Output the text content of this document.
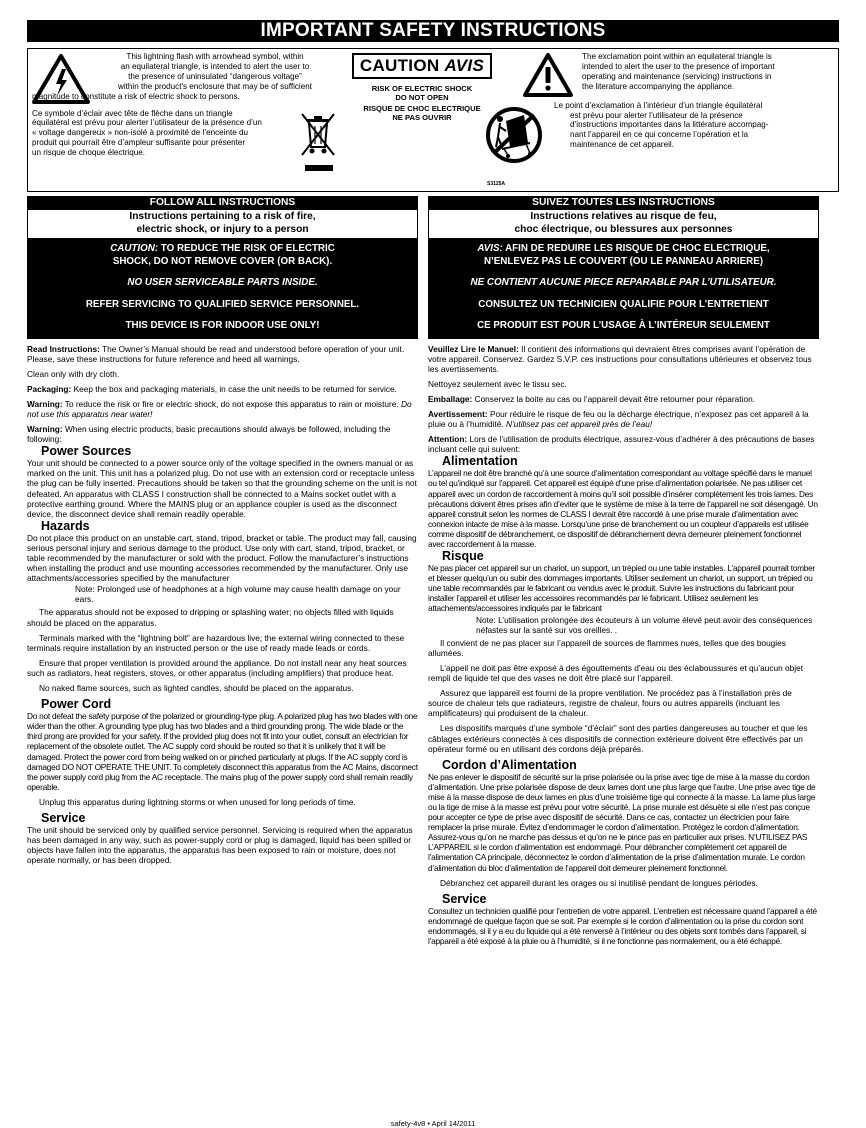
IMPORTANT SAFETY INSTRUCTIONS
This lightning flash with arrowhead symbol, within
an equilateral triangle, is intended to alert the user to
the presence of uninsulated “dangerous voltage”
within the product's enclosure that may be of sufficient
magnitude to constitute a risk of electric shock to persons.
Ce symbole d’éclair avec tête de flèche dans un triangle
équilatéral est prévu pour alerter l’utilisateur de la présence d’un
« voltage dangereux » non-isolé à proximité de l’enceinte du
produit qui pourrait être d’ampleur suffisante pour présenter
un risque de choque électrique.
CAUTION AVIS
RISK OF ELECTRIC SHOCK
DO NOT OPEN
RISQUE DE CHOC ELECTRIQUE
NE PAS OUVRIR
S3125A
The exclamation point within an equilateral triangle is
intended to alert the user to the presence of important
operating and maintenance (servicing) instructions in
the literature accompanying the appliance.
Le point d’exclamation à l’intérieur d’un triangle équilatéral
est prévu pour alerter l’utilisateur de la présence
d’instructions importantes dans la littérature accompag-
nant l’appareil en ce qui concerne l’opération et la
maintenance de cet appareil.
FOLLOW ALL INSTRUCTIONS
Instructions pertaining to a risk of fire,
electric shock, or injury to a person
CAUTION: TO REDUCE THE RISK OF ELECTRIC
SHOCK, DO NOT REMOVE COVER (OR BACK).
NO USER SERVICEABLE PARTS INSIDE.
REFER SERVICING TO QUALIFIED SERVICE PERSONNEL.
THIS DEVICE IS FOR INDOOR USE ONLY!

Read Instructions: The Owner’s Manual should be read and understood before operation of your unit. Please, save these instructions for future reference and heed all warnings.

Clean only with dry cloth.

Packaging: Keep the box and packaging materials, in case the unit needs to be returned for service.

Warning: To reduce the risk or fire or electric shock, do not expose this apparatus to rain or moisture. Do not use this apparatus near water!

Warning: When using electric products, basic precautions should always be followed, including the following:

Power Sources

Your unit should be connected to a power source only of the voltage specified in the owners manual or as marked on the unit. This unit has a polarized plug. Do not use with an extension cord or receptacle unless the plug can be fully inserted. Precautions should be taken so that the grounding scheme on the unit is not defeated. An apparatus with CLASS I construction shall be connected to a Mains socket outlet with a protective earthing ground. Where the MAINS plug or an appliance coupler is used as the disconnect device, the disconnect device shall remain readily operable.

Hazards

Do not place this product on an unstable cart, stand, tripod, bracket or table. The product may fall, causing serious personal injury and serious damage to the product. Use only with cart, stand, tripod, bracket, or table recommended by the manufacturer or sold with the product. Follow the manufacturer’s instructions when installing the product and use mounting accessories recommended by the manufacturer. Only use attachments/accessories specified by the manufacturer

Note: Prolonged use of headphones at a high volume may cause health damage on your ears.

The apparatus should not be exposed to dripping or splashing water; no objects filled with liquids should be placed on the apparatus.

Terminals marked with the “lightning bolt” are hazardous live; the external wiring connected to these terminals require installation by an instructed person or the use of ready made leads or cords.

Ensure that proper ventilation is provided around the appliance. Do not install near any heat sources such as radiators, heat registers, stoves, or other apparatus (including amplifiers) that produce heat.

No naked flame sources, such as lighted candles, should be placed on the apparatus.

Power Cord

Do not defeat the safety purpose of the polarized or grounding-type plug. A polarized plug has two blades with one wider than the other. A grounding type plug has two blades and a third grounding prong. The wide blade or the third prong are provided for your safety. If the provided plug does not fit into your outlet, consult an electrician for replacement of the obsolete outlet. The AC supply cord should be routed so that it is unlikely that it will be damaged. Protect the power cord from being walked on or pinched particularly at plugs. If the AC supply cord is damaged DO NOT OPERATE THE UNIT. To completely disconnect this apparatus from the AC Mains, disconnect the power supply cord plug from the AC receptacle. The mains plug of the power supply cord shall remain readily operable.

Unplug this apparatus during lightning storms or when unused for long periods of time.

Service

The unit should be serviced only by qualified service personnel. Servicing is required when the apparatus has been damaged in any way, such as power-supply cord or plug is damaged, liquid has been spilled or objects have fallen into the apparatus, the apparatus has been exposed to rain or moisture, does not operate normally, or has been dropped.

SUIVEZ TOUTES LES INSTRUCTIONS
Instructions relatives au risque de feu,
choc électrique, ou blessures aux personnes
AVIS: AFIN DE REDUIRE LES RISQUE DE CHOC ELECTRIQUE,
N’ENLEVEZ PAS LE COUVERT (OU LE PANNEAU ARRIERE)
NE CONTIENT AUCUNE PIECE REPARABLE PAR L’UTILISATEUR.
CONSULTEZ UN TECHNICIEN QUALIFIE POUR L’ENTRETIENT
CE PRODUIT EST POUR L’USAGE À L’INTÉREUR SEULEMENT

Veuillez Lire le Manuel: Il contient des informations qui devraient êtres comprises avant l’opération de votre appareil. Conservez. Gardez S.V.P. ces instructions pour consultations ultérieures et observez tous les avertissements.

Nettoyez seulement avec le tissu sec.

Emballage: Conservez la boite au cas ou l’appareil devait être retourner pour réparation.

Avertissement: Pour réduire le risque de feu ou la décharge électrique, n’exposez pas cet appareil à la pluie ou à l’humidité. N’utilisez pas cet appareil près de l’eau!

Attention: Lors de l’utilisation de produits électrique, assurez-vous d’adhérer à des précautions de bases incluant celle qui suivent:

Alimentation

L’appareil ne doit être branché qu’à une source d’alimentation correspondant au voltage spécifié dans le manuel ou tel qu’indiqué sur l’appareil. Cet appareil est équipé d’une prise d’alimentation polarisée. Ne pas utiliser cet appareil avec un cordon de raccordement à moins qu’il soit possible d’insérer complètement les trois lames. Des précautions doivent êtres prises afin d’eviter que le système de mise à la terre de l’appareil ne soit désengagé. Un appareil construit selon les normes de CLASS I devrait être raccordé à une prise murale d’alimentation avec connexion intacte de mise à la masse. Lorsqu’une prise de branchement ou un coupleur d’appareils est utilisée comme dispositif de débranchement, ce dispositif de débranchement devra demeurer pleinement fonctionnel avec raccordement à la masse.

Risque

Ne pas placer cet appareil sur un chariot, un support, un trépied ou une table instables. L’appareil pourrait tomber et blesser quelqu’un ou subir des dommages importants. Utiliser seulement un chariot, un support, un trépied ou une table recommandés par le fabricant ou vendus avec le produit. Suivre les instructions du fabricant pour installer l’appareil et utiliser les accessoires recommandés par le fabricant. Utilisez seulement les attachements/accessoires indiqués par le fabricant

Note: L’utilisation prolongée des écouteurs à un volume élevé peut avoir des conséquences néfastes sur la santé sur vos oreilles. .

Il convient de ne pas placer sur l’appareil de sources de flammes nues, telles que des bougies allumées.

L’appeil ne doit pas être exposé à des égouttements d’eau ou des éclaboussures et qu’aucun objet rempli de liquide tel que des vases ne doit être placé sur l’appareil.

Assurez que lappareil est fourni de la propre ventilation. Ne procédez pas à l’installation près de source de chaleur tels que radiateurs, registre de chaleur, fours ou autres appareils (incluant les amplificateurs) qui produisent de la chaleur.

Les dispositifs marqués d’une symbole “d’éclair” sont des parties dangereuses au toucher et que les câblages extérieurs connectés à ces dispositifs de connection extérieure doivent être effectivés par un opérateur formé ou en utilisant des cordons déjà préparés.

Cordon d’Alimentation

Ne pas enlever le dispositif de sécurité sur la prise polarisée ou la prise avec tige de mise à la masse du cordon d’alimentation. Une prise polarisée dispose de deux lames dont une plus large que l’autre. Une prise avec tige de mise à la masse dispose de deux lames en plus d’une troisième tige qui connecte à la masse. La lame plus large ou la tige de mise à la masse est prévu pour votre sécurité. La prise murale est désuète si elle n’est pas conçue pour accepter ce type de prise avec dispositif de sécurité. Dans ce cas, contactez un électricien pour faire remplacer la prise murale. Évitez d’endommager le cordon d’alimentation. Protégez le cordon d’alimentation. Assurez-vous qu’on ne marche pas dessus et qu’on ne le pince pas en particulier aux prises. N’UTILISEZ PAS L’APPAREIL si le cordon d’alimentation est endommagé. Pour débrancher complètement cet appareil de l’alimentation CA principale, déconnectez le cordon d’alimentation de la prise d’alimentation murale. Le cordon d’alimentation du bloc d’alimentation de l’appareil doit demeurer pleinement fonctionnel.

Débranchez cet appareil durant les orages ou si inutilisé pendant de longues périodes.

Service

Consultez un technicien qualifié pour l’entretien de votre appareil. L’entretien est nécessaire quand l’appareil a été endommagé de quelque façon que se soit. Par exemple si le cordon d’alimentation ou la prise du cordon sont endommagés, si il y a eu du liquide qui a été renversé à l’intérieur ou des objets sont tombés dans l’appareil, si l’appareil a été exposé à la pluie ou à l’humidité, si il ne fonctionne pas normalement, ou a été échappé.

safety-4v8 • April 14/2011
